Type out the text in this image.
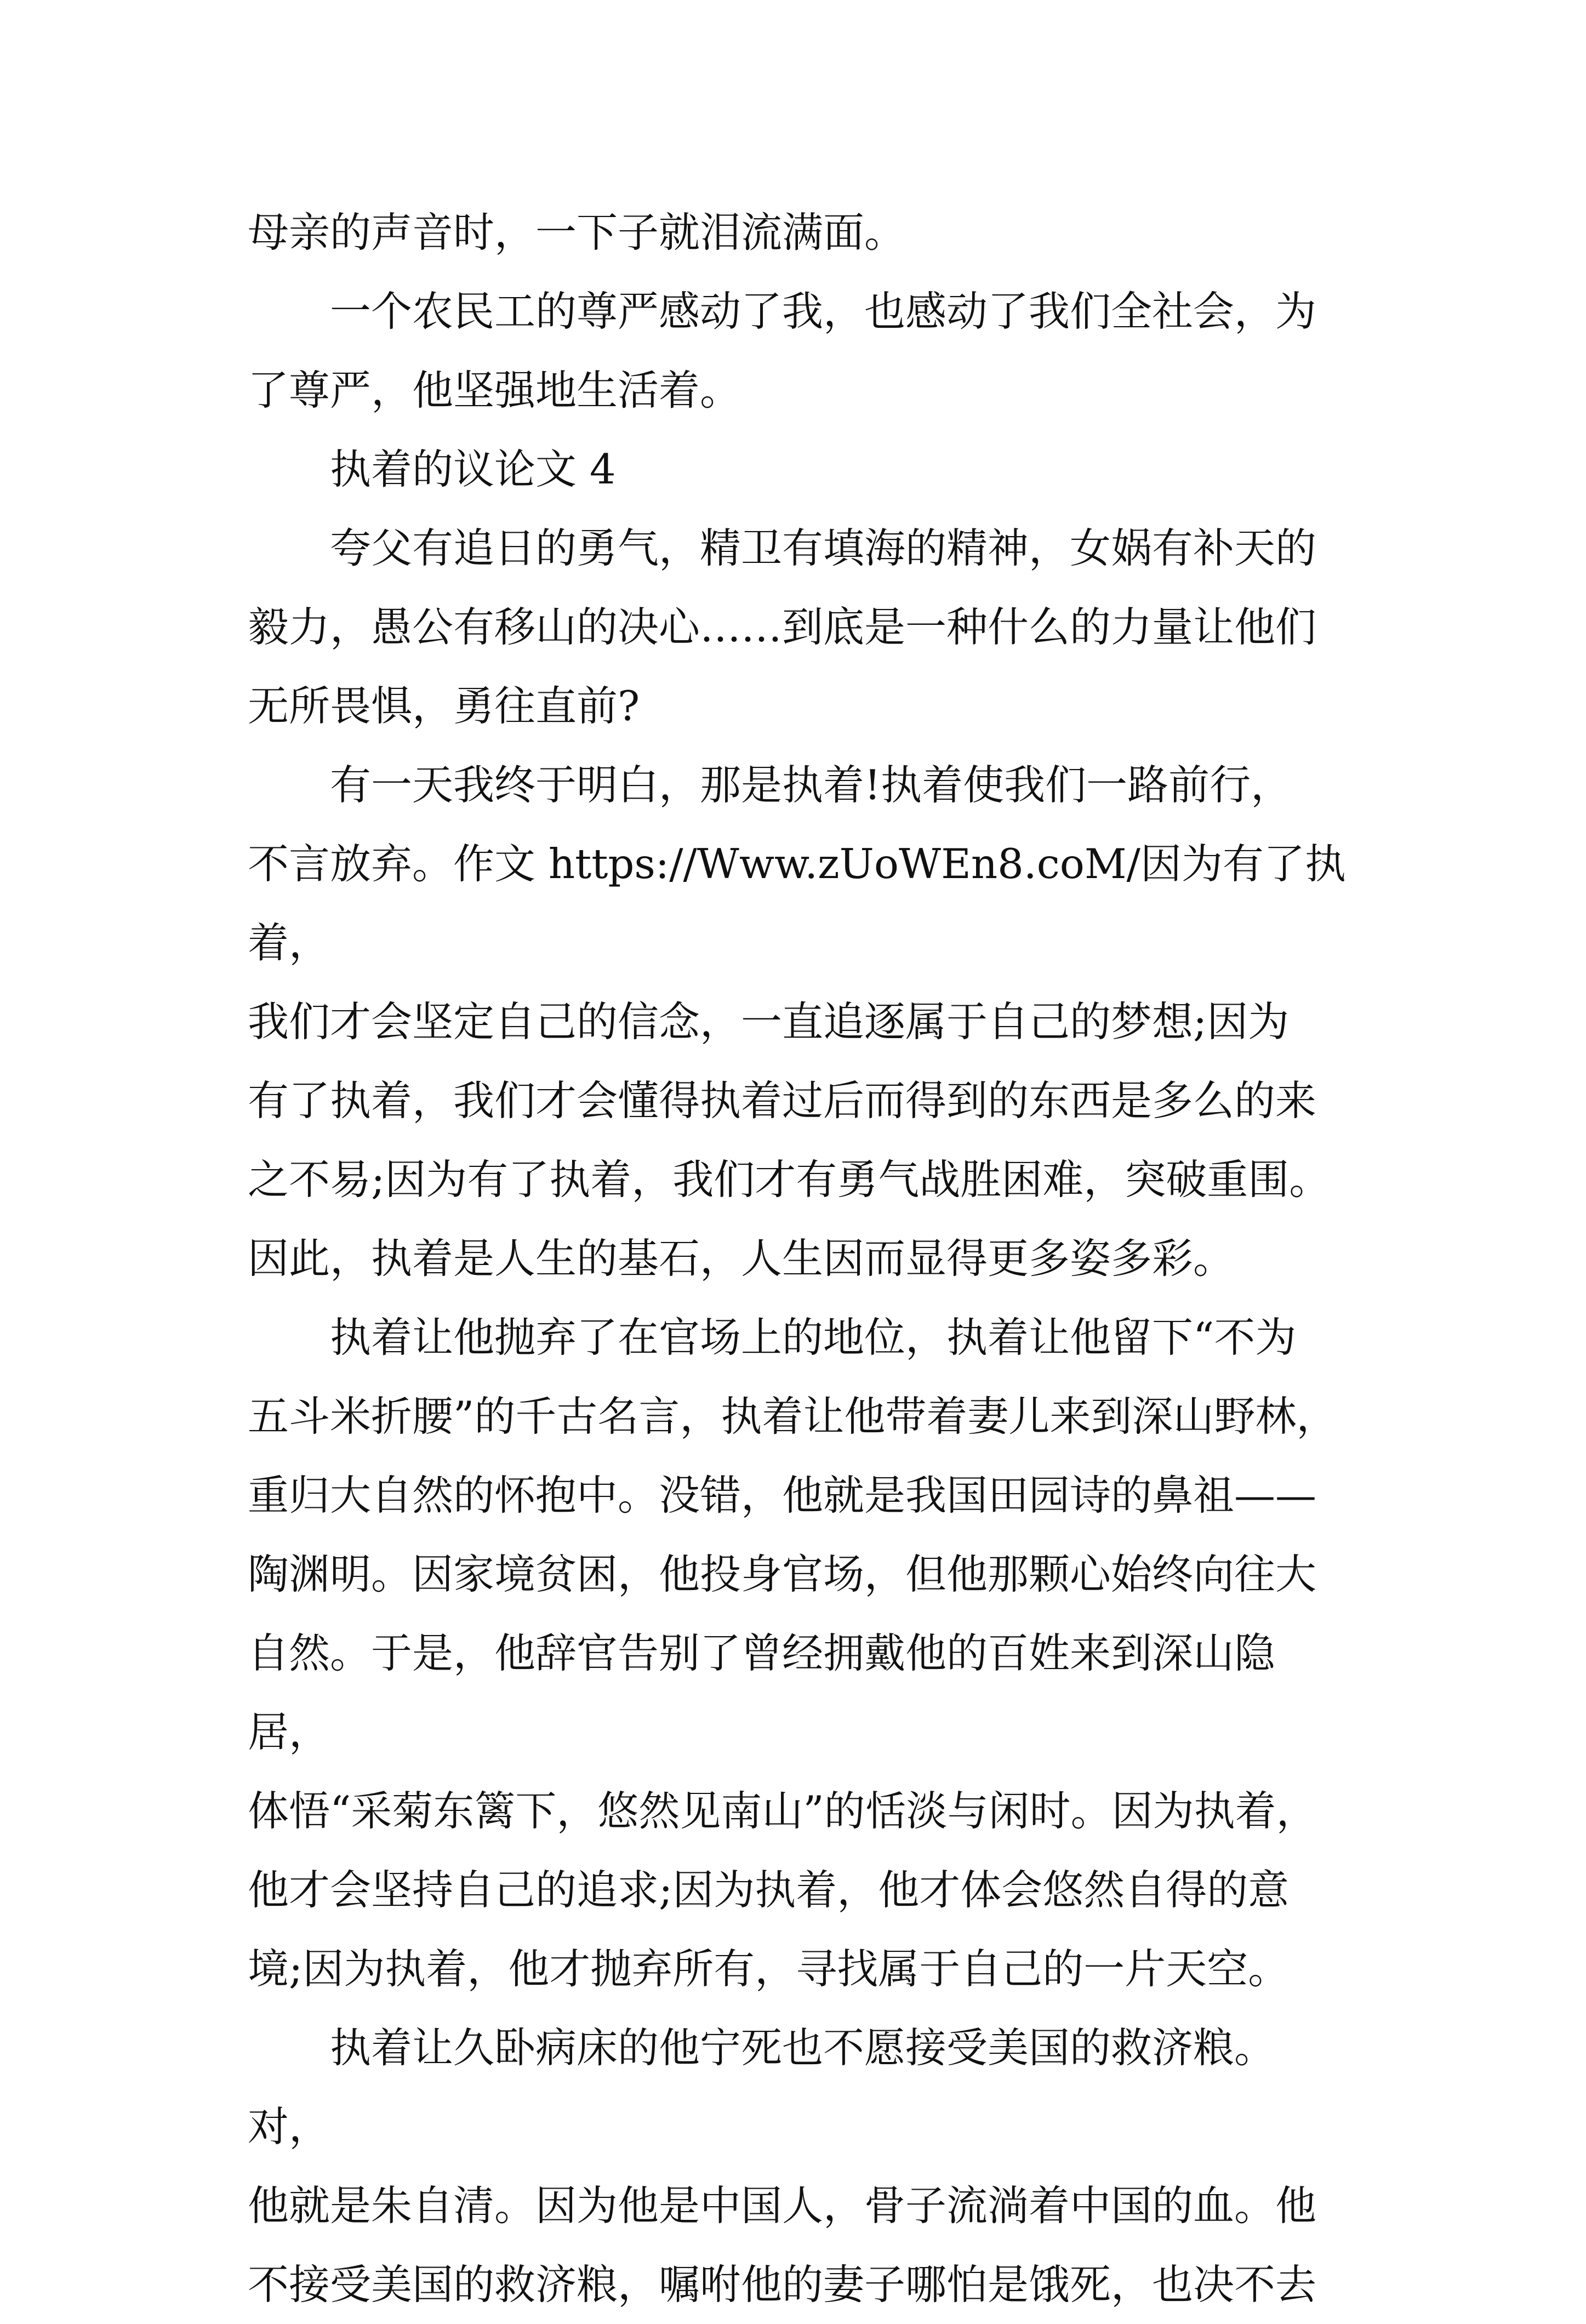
母亲的声音时，一下子就泪流满面。

一个农民工的尊严感动了我，也感动了我们全社会，为
了尊严，他坚强地生活着。

执着的议论文 4

夸父有追日的勇气，精卫有填海的精神，女娲有补天的
毅力，愚公有移山的决心……到底是一种什么的力量让他们
无所畏惧，勇往直前?

有一天我终于明白，那是执着!执着使我们一路前行，
不言放弃。作文 https://Www.zUoWEn8.coM/因为有了执着，
我们才会坚定自己的信念，一直追逐属于自己的梦想;因为
有了执着，我们才会懂得执着过后而得到的东西是多么的来
之不易;因为有了执着，我们才有勇气战胜困难，突破重围。
因此，执着是人生的基石，人生因而显得更多姿多彩。

执着让他抛弃了在官场上的地位，执着让他留下“不为
五斗米折腰”的千古名言，执着让他带着妻儿来到深山野林，
重归大自然的怀抱中。没错，他就是我国田园诗的鼻祖——
陶渊明。因家境贫困，他投身官场，但他那颗心始终向往大
自然。于是，他辞官告别了曾经拥戴他的百姓来到深山隐居，
体悟“采菊东篱下，悠然见南山”的恬淡与闲时。因为执着，
他才会坚持自己的追求;因为执着，他才体会悠然自得的意
境;因为执着，他才抛弃所有，寻找属于自己的一片天空。

执着让久卧病床的他宁死也不愿接受美国的救济粮。对，
他就是朱自清。因为他是中国人，骨子流淌着中国的血。他
不接受美国的救济粮，嘱咐他的妻子哪怕是饿死，也决不去
